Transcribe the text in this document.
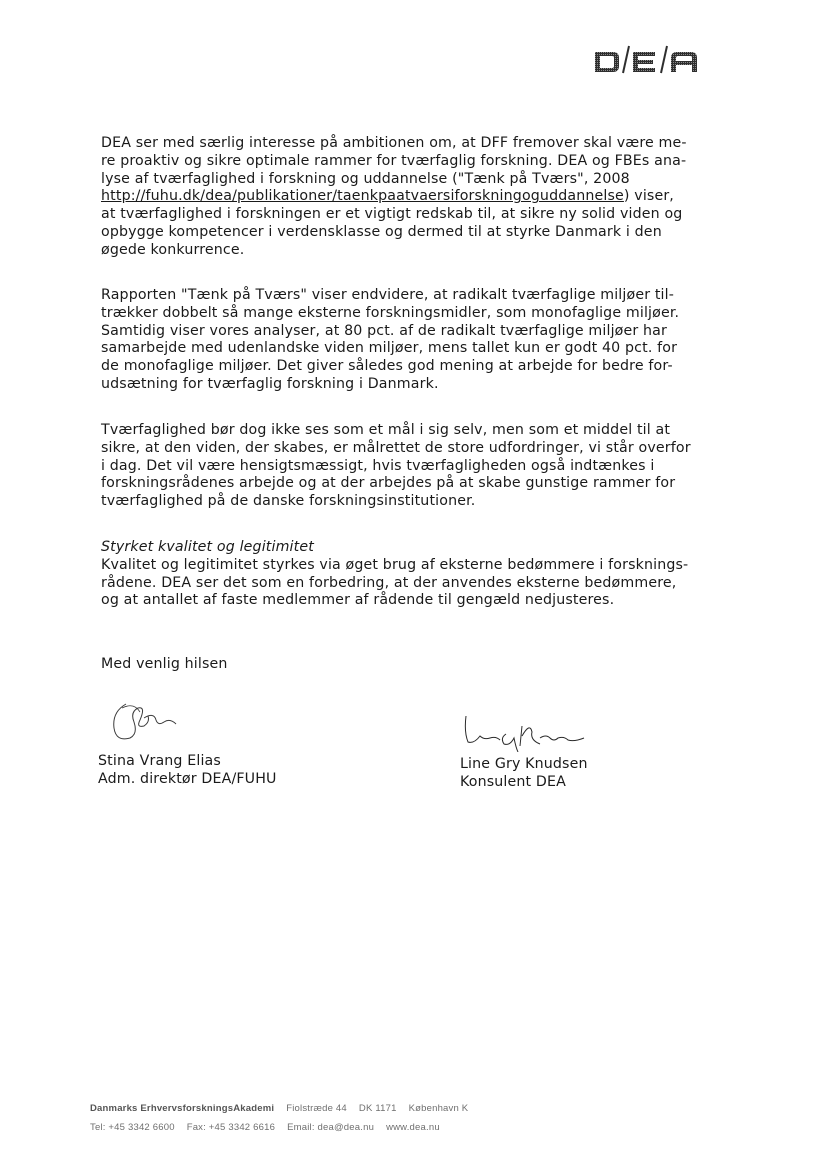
DEA ser med særlig interesse på ambitionen om, at DFF fremover skal være me-
re proaktiv og sikre optimale rammer for tværfaglig forskning. DEA og FBEs ana-
lyse af tværfaglighed i forskning og uddannelse ("Tænk på Tværs", 2008
http://fuhu.dk/dea/publikationer/taenkpaatvaersiforskningoguddannelse) viser,
at tværfaglighed i forskningen er et vigtigt redskab til, at sikre ny solid viden og
opbygge kompetencer i verdensklasse og dermed til at styrke Danmark i den
øgede konkurrence.
Rapporten "Tænk på Tværs" viser endvidere, at radikalt tværfaglige miljøer til-
trækker dobbelt så mange eksterne forskningsmidler, som monofaglige miljøer.
Samtidig viser vores analyser, at 80 pct. af de radikalt tværfaglige miljøer har
samarbejde med udenlandske viden miljøer, mens tallet kun er godt 40 pct. for
de monofaglige miljøer. Det giver således god mening at arbejde for bedre for-
udsætning for tværfaglig forskning i Danmark.
Tværfaglighed bør dog ikke ses som et mål i sig selv, men som et middel til at
sikre, at den viden, der skabes, er målrettet de store udfordringer, vi står overfor
i dag. Det vil være hensigtsmæssigt, hvis tværfagligheden også indtænkes i
forskningsrådenes arbejde og at der arbejdes på at skabe gunstige rammer for
tværfaglighed på de danske forskningsinstitutioner.
Styrket kvalitet og legitimitet
Kvalitet og legitimitet styrkes via øget brug af eksterne bedømmere i forsknings-
rådene. DEA ser det som en forbedring, at der anvendes eksterne bedømmere,
og at antallet af faste medlemmer af rådende til gengæld nedjusteres.
Med venlig hilsen
Stina Vrang Elias
Adm. direktør DEA/FUHU
Line Gry Knudsen
Konsulent DEA
Danmarks ErhvervsforskningsAkademi Fiolstræde 44 DK 1171 København K
Tel: +45 3342 6600 Fax: +45 3342 6616 Email: dea@dea.nu www.dea.nu
